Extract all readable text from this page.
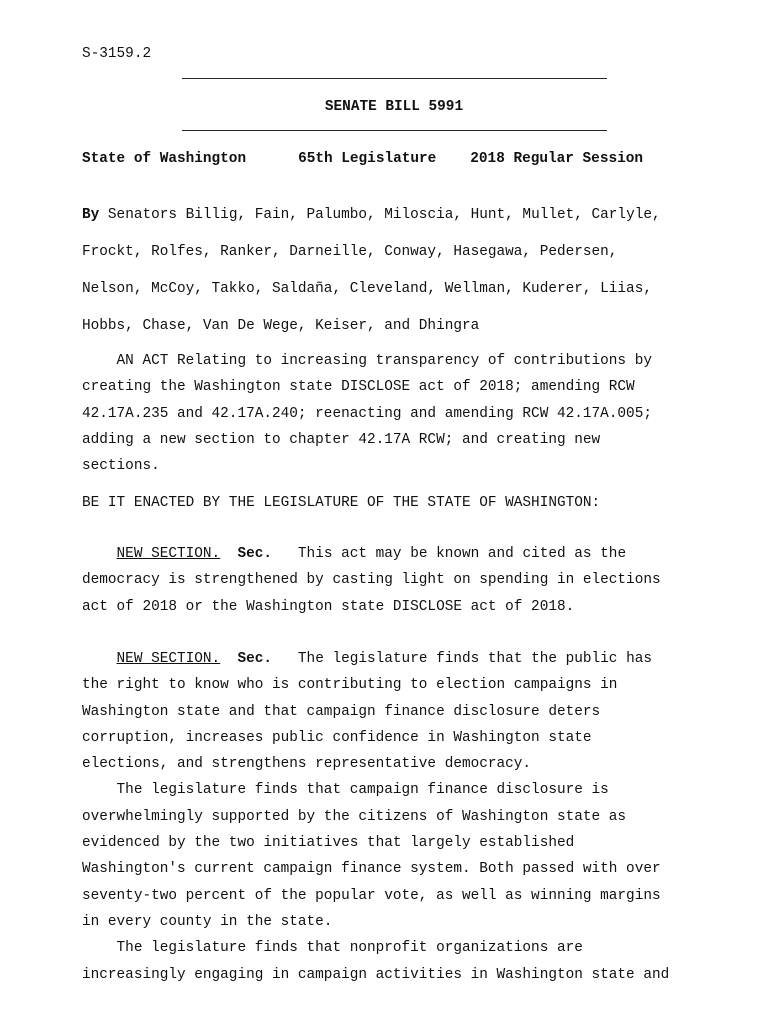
S-3159.2
SENATE BILL 5991
State of Washington	65th Legislature 2018 Regular Session

By Senators Billig, Fain, Palumbo, Miloscia, Hunt, Mullet, Carlyle,

Frockt, Rolfes, Ranker, Darneille, Conway, Hasegawa, Pedersen,

Nelson, McCoy, Takko, Saldaña, Cleveland, Wellman, Kuderer, Liias,

Hobbs, Chase, Van De Wege, Keiser, and Dhingra

AN ACT Relating to increasing transparency of contributions by
creating the Washington state DISCLOSE act of 2018; amending RCW
42.17A.235 and 42.17A.240; reenacting and amending RCW 42.17A.005;
adding a new section to chapter 42.17A RCW; and creating new
sections.
BE IT ENACTED BY THE LEGISLATURE OF THE STATE OF WASHINGTON:
NEW SECTION. Sec.   This act may be known and cited as the
democracy is strengthened by casting light on spending in elections
act of 2018 or the Washington state DISCLOSE act of 2018.
NEW SECTION. Sec.   The legislature finds that the public has
the right to know who is contributing to election campaigns in
Washington state and that campaign finance disclosure deters
corruption, increases public confidence in Washington state
elections, and strengthens representative democracy.
The legislature finds that campaign finance disclosure is
overwhelmingly supported by the citizens of Washington state as
evidenced by the two initiatives that largely established
Washington's current campaign finance system. Both passed with over
seventy-two percent of the popular vote, as well as winning margins
in every county in the state.
The legislature finds that nonprofit organizations are
increasingly engaging in campaign activities in Washington state and
